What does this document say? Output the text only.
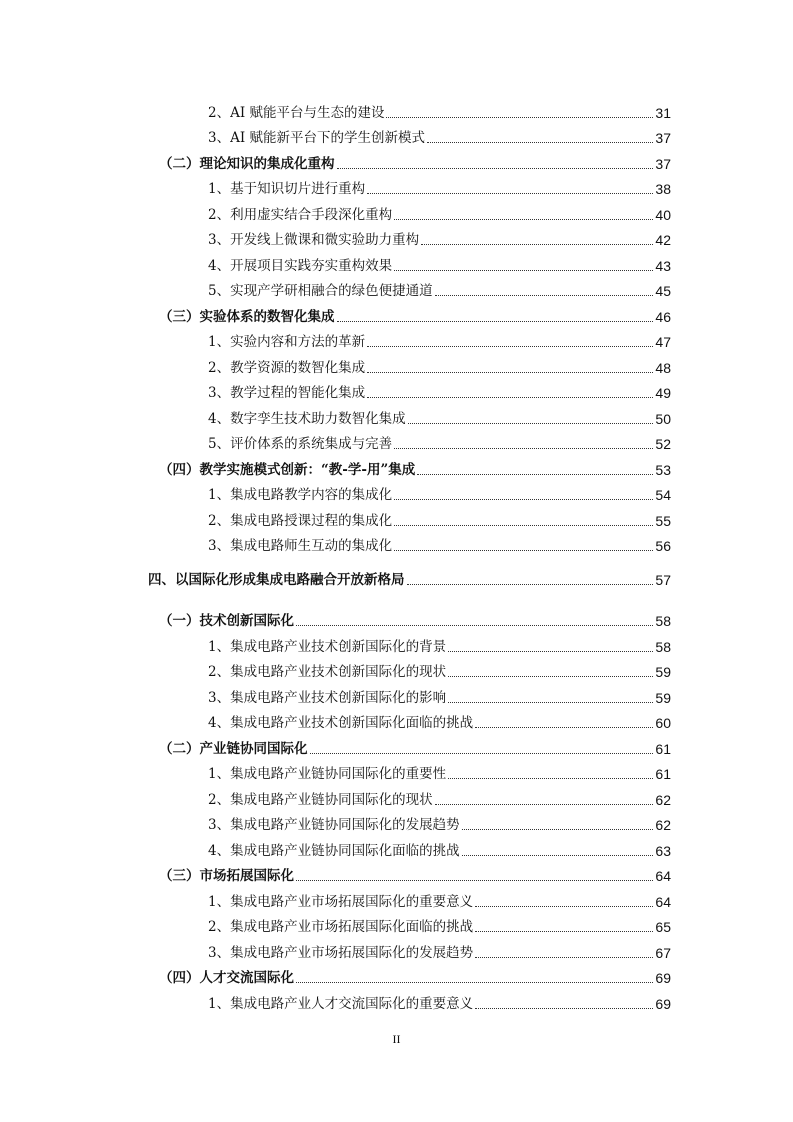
2、AI 赋能平台与生态的建设	31
3、AI 赋能新平台下的学生创新模式	37
（二）理论知识的集成化重构	37
1、基于知识切片进行重构	38
2、利用虚实结合手段深化重构	40
3、开发线上微课和微实验助力重构	42
4、开展项目实践夯实重构效果	43
5、实现产学研相融合的绿色便捷通道	45
（三）实验体系的数智化集成	46
1、实验内容和方法的革新	47
2、教学资源的数智化集成	48
3、教学过程的智能化集成	49
4、数字孪生技术助力数智化集成	50
5、评价体系的系统集成与完善	52
（四）教学实施模式创新：“教-学-用”集成	53
1、集成电路教学内容的集成化	54
2、集成电路授课过程的集成化	55
3、集成电路师生互动的集成化	56
四、以国际化形成集成电路融合开放新格局	57
（一）技术创新国际化	58
1、集成电路产业技术创新国际化的背景	58
2、集成电路产业技术创新国际化的现状	59
3、集成电路产业技术创新国际化的影响	59
4、集成电路产业技术创新国际化面临的挑战	60
（二）产业链协同国际化	61
1、集成电路产业链协同国际化的重要性	61
2、集成电路产业链协同国际化的现状	62
3、集成电路产业链协同国际化的发展趋势	62
4、集成电路产业链协同国际化面临的挑战	63
（三）市场拓展国际化	64
1、集成电路产业市场拓展国际化的重要意义	64
2、集成电路产业市场拓展国际化面临的挑战	65
3、集成电路产业市场拓展国际化的发展趋势	67
（四）人才交流国际化	69
1、集成电路产业人才交流国际化的重要意义	69
II
